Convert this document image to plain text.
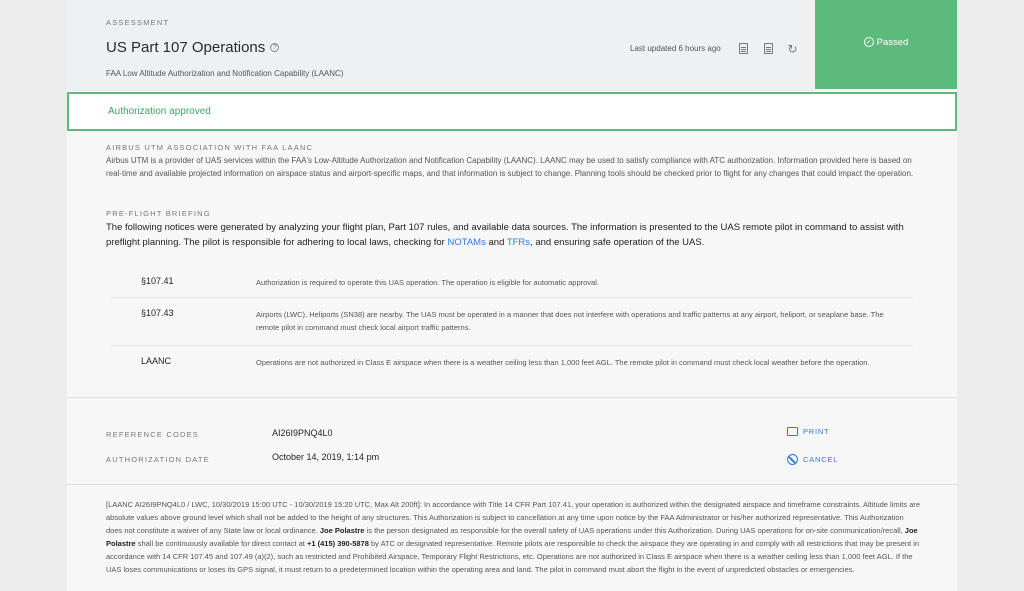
ASSESSMENT
US Part 107 Operations	?
FAA Low Altitude Authorization and Notification Capability (LAANC)
Last updated 6 hours ago	↻	✓ Passed
Authorization approved
AIRBUS UTM ASSOCIATION WITH FAA LAANC
Airbus UTM is a provider of UAS services within the FAA's Low-Altitude Authorization and Notification Capability (LAANC). LAANC may be used to satisfy compliance with ATC authorization. Information provided here is based on real-time and available projected information on airspace status and airport-specific maps, and that information is subject to change. Planning tools should be checked prior to flight for any changes that could impact the operation.
PRE-FLIGHT BRIEFING
The following notices were generated by analyzing your flight plan, Part 107 rules, and available data sources. The information is presented to the UAS remote pilot in command to assist with preflight planning. The pilot is responsible for adhering to local laws, checking for NOTAMs and TFRs, and ensuring safe operation of the UAS.
§107.41	Authorization is required to operate this UAS operation. The operation is eligible for automatic approval.
§107.43	Airports (LWC), Heliports (SN38) are nearby. The UAS must be operated in a manner that does not interfere with operations and traffic patterns at any airport, heliport, or seaplane base. The remote pilot in command must check local airport traffic patterns.
LAANC	Operations are not authorized in Class E airspace when there is a weather ceiling less than 1,000 feet AGL. The remote pilot in command must check local weather before the operation.
REFERENCE CODES	AI26I9PNQ4L0
AUTHORIZATION DATE	October 14, 2019, 1:14 pm
PRINT
CANCEL
[LAANC AI26I9PNQ4L0 / LWC, 10/30/2019 15:00 UTC - 10/30/2019 15:20 UTC, Max Alt 200ft]: In accordance with Title 14 CFR Part 107.41, your operation is authorized within the designated airspace and timeframe constraints. Altitude limits are absolute values above ground level which shall not be added to the height of any structures. This Authorization is subject to cancellation at any time upon notice by the FAA Administrator or his/her authorized representative. This Authorization does not constitute a waiver of any State law or local ordinance. Joe Polastre is the person designated as responsible for the overall safety of UAS operations under this Authorization. During UAS operations for on-site communication/recall, Joe Polastre shall be continuously available for direct contact at +1 (415) 390-5878 by ATC or designated representative. Remote pilots are responsible to check the airspace they are operating in and comply with all restrictions that may be present in accordance with 14 CFR 107.45 and 107.49 (a)(2), such as restricted and Prohibited Airspace, Temporary Flight Restrictions, etc. Operations are not authorized in Class E airspace when there is a weather ceiling less than 1,000 feet AGL. If the UAS loses communications or loses its GPS signal, it must return to a predetermined location within the operating area and land. The pilot in command must abort the flight in the event of unpredicted obstacles or emergencies.
